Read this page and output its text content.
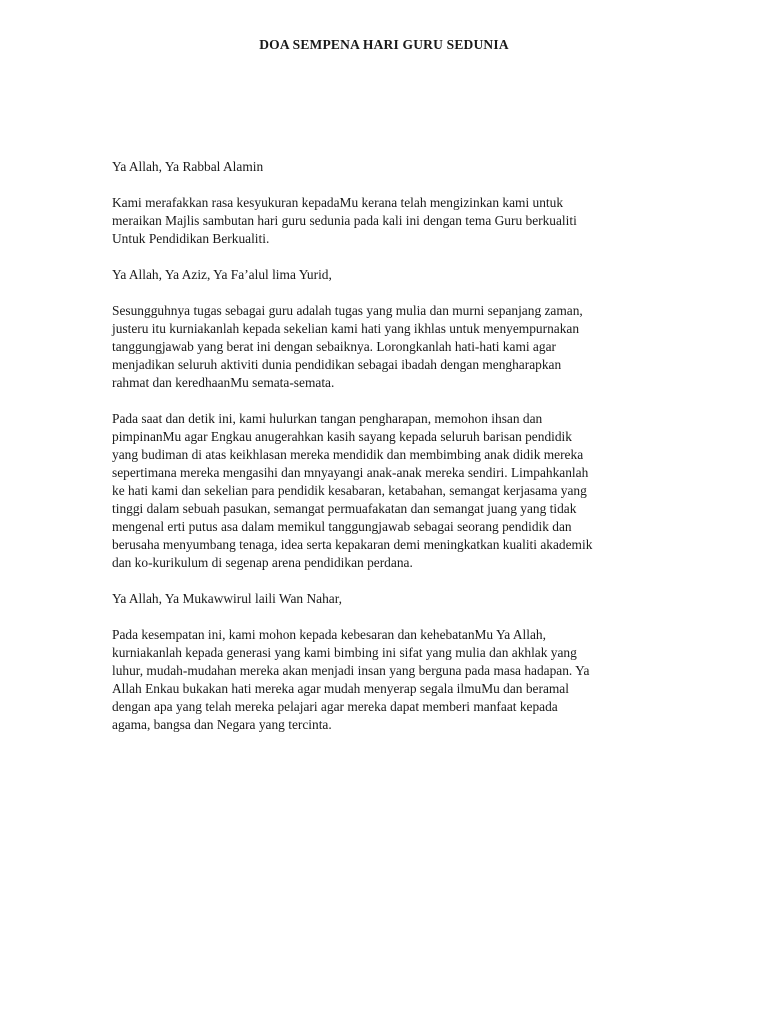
DOA SEMPENA HARI GURU SEDUNIA

Ya Allah, Ya Rabbal Alamin

Kami merafakkan rasa kesyukuran kepadaMu kerana telah mengizinkan kami untuk
meraikan Majlis sambutan hari guru sedunia pada kali ini dengan tema Guru berkualiti
Untuk Pendidikan Berkualiti.

Ya Allah, Ya Aziz, Ya Fa’alul lima Yurid,

Sesungguhnya tugas sebagai guru adalah tugas yang mulia dan murni sepanjang zaman,
justeru itu kurniakanlah kepada sekelian kami hati yang ikhlas untuk menyempurnakan
tanggungjawab yang berat ini dengan sebaiknya. Lorongkanlah hati-hati kami agar
menjadikan seluruh aktiviti dunia pendidikan sebagai ibadah dengan mengharapkan
rahmat dan keredhaanMu semata-semata.

Pada saat dan detik ini, kami hulurkan tangan pengharapan, memohon ihsan dan
pimpinanMu agar Engkau anugerahkan kasih sayang kepada seluruh barisan pendidik
yang budiman di atas keikhlasan mereka mendidik dan membimbing anak didik mereka
sepertimana mereka mengasihi dan mnyayangi anak-anak mereka sendiri. Limpahkanlah
ke hati kami dan sekelian para pendidik kesabaran, ketabahan, semangat kerjasama yang
tinggi dalam sebuah pasukan, semangat permuafakatan dan semangat juang yang tidak
mengenal erti putus asa dalam memikul tanggungjawab sebagai seorang pendidik dan
berusaha menyumbang tenaga, idea serta kepakaran demi meningkatkan kualiti akademik
dan ko-kurikulum di segenap arena pendidikan perdana.

Ya Allah, Ya Mukawwirul laili Wan Nahar,

Pada kesempatan ini, kami mohon kepada kebesaran dan kehebatanMu Ya Allah,
kurniakanlah kepada generasi yang kami bimbing ini sifat yang mulia dan akhlak yang
luhur, mudah-mudahan mereka akan menjadi insan yang berguna pada masa hadapan. Ya
Allah Enkau bukakan hati mereka agar mudah menyerap segala ilmuMu dan beramal
dengan apa yang telah mereka pelajari agar mereka dapat memberi manfaat kepada
agama, bangsa dan Negara yang tercinta.
